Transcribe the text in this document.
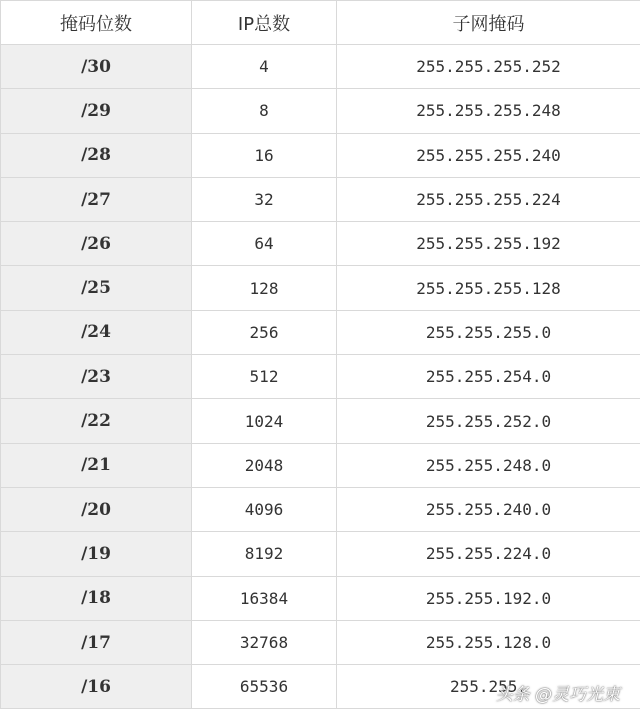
掩码位数	IP总数	子网掩码
/30	4	255.255.255.252
/29	8	255.255.255.248
/28	16	255.255.255.240
/27	32	255.255.255.224
/26	64	255.255.255.192
/25	128	255.255.255.128
/24	256	255.255.255.0
/23	512	255.255.254.0
/22	1024	255.255.252.0
/21	2048	255.255.248.0
/20	4096	255.255.240.0
/19	8192	255.255.224.0
/18	16384	255.255.192.0
/17	32768	255.255.128.0
/16	65536	255.255.
头条 @灵巧光束
